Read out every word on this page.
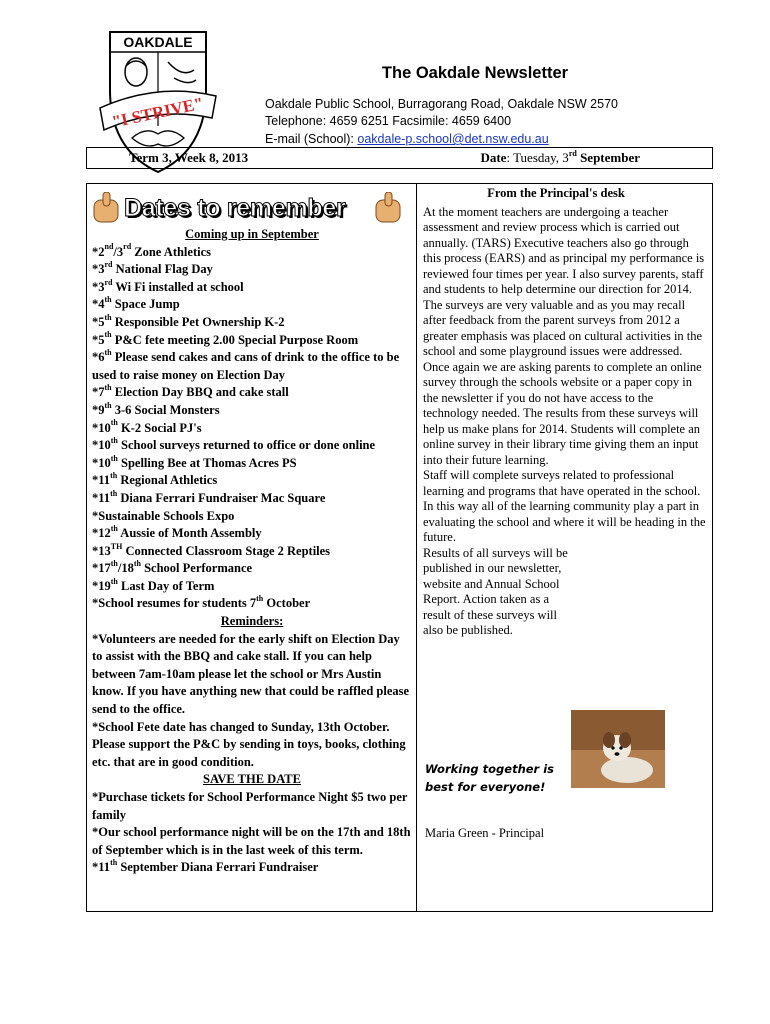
OAKDALE
"I STRIVE"
The Oakdale Newsletter
Oakdale Public School, Burragorang Road, Oakdale NSW 2570
Telephone: 4659 6251 Facsimile: 4659 6400
E-mail (School): oakdale-p.school@det.nsw.edu.au
Term 3, Week 8, 2013	Date: Tuesday, 3rd September
Dates to remember
Coming up in September
*2nd/3rd Zone Athletics
*3rd National Flag Day
*3rd Wi Fi installed at school
*4th Space Jump
*5th Responsible Pet Ownership K-2
*5th P&C fete meeting 2.00 Special Purpose Room
*6th Please send cakes and cans of drink to the office to be used to raise money on Election Day
*7th Election Day BBQ and cake stall
*9th 3-6 Social Monsters
*10th K-2 Social PJ's
*10th School surveys returned to office or done online
*10th Spelling Bee at Thomas Acres PS
*11th Regional Athletics
*11th Diana Ferrari Fundraiser Mac Square
*Sustainable Schools Expo
*12th Aussie of Month Assembly
*13TH Connected Classroom Stage 2 Reptiles
*17th/18th School Performance
*19th Last Day of Term
*School resumes for students 7th October
Reminders:
*Volunteers are needed for the early shift on Election Day to assist with the BBQ and cake stall. If you can help between 7am-10am please let the school or Mrs Austin know. If you have anything new that could be raffled please send to the office.
*School Fete date has changed to Sunday, 13th October. Please support the P&C by sending in toys, books, clothing etc. that are in good condition.
SAVE THE DATE
*Purchase tickets for School Performance Night $5 two per family
*Our school performance night will be on the 17th and 18th of September which is in the last week of this term.
*11th September Diana Ferrari Fundraiser
From the Principal's desk
At the moment teachers are undergoing a teacher assessment and review process which is carried out annually. (TARS) Executive teachers also go through this process (EARS) and as principal my performance is reviewed four times per year. I also survey parents, staff and students to help determine our direction for 2014. The surveys are very valuable and as you may recall after feedback from the parent surveys from 2012 a greater emphasis was placed on cultural activities in the school and some playground issues were addressed.
Once again we are asking parents to complete an online survey through the schools website or a paper copy in the newsletter if you do not have access to the technology needed. The results from these surveys will help us make plans for 2014. Students will complete an online survey in their library time giving them an input into their future learning.
Staff will complete surveys related to professional learning and programs that have operated in the school. In this way all of the learning community play a part in evaluating the school and where it will be heading in the future.
Results of all surveys will be published in our newsletter, website and Annual School Report. Action taken as a result of these surveys will also be published.
Working together is
best for everyone!
Maria Green - Principal
